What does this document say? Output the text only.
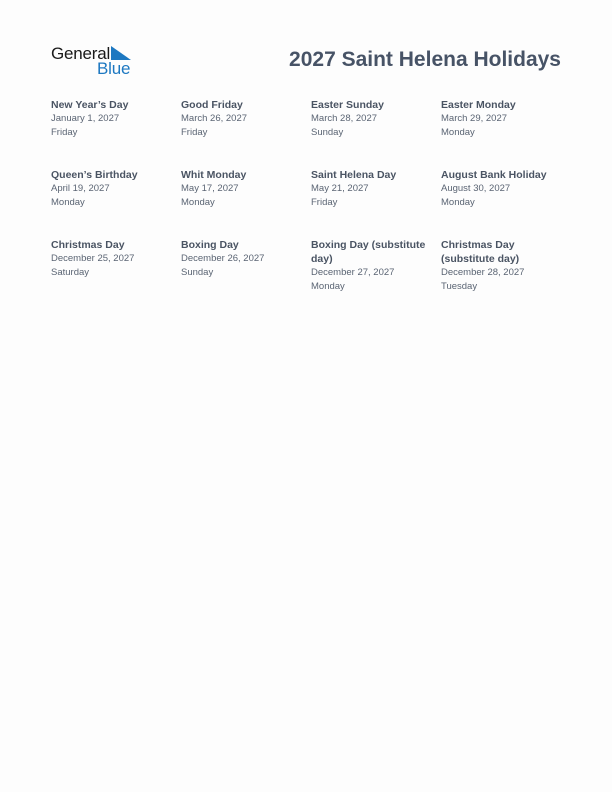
General
Blue	2027 Saint Helena Holidays
New Year’s Day
January 1, 2027
Friday
Good Friday
March 26, 2027
Friday
Easter Sunday
March 28, 2027
Sunday
Easter Monday
March 29, 2027
Monday
Queen’s Birthday
April 19, 2027
Monday
Whit Monday
May 17, 2027
Monday
Saint Helena Day
May 21, 2027
Friday
August Bank Holiday
August 30, 2027
Monday
Christmas Day
December 25, 2027
Saturday
Boxing Day
December 26, 2027
Sunday
Boxing Day (substitute day)
December 27, 2027
Monday
Christmas Day (substitute day)
December 28, 2027
Tuesday
